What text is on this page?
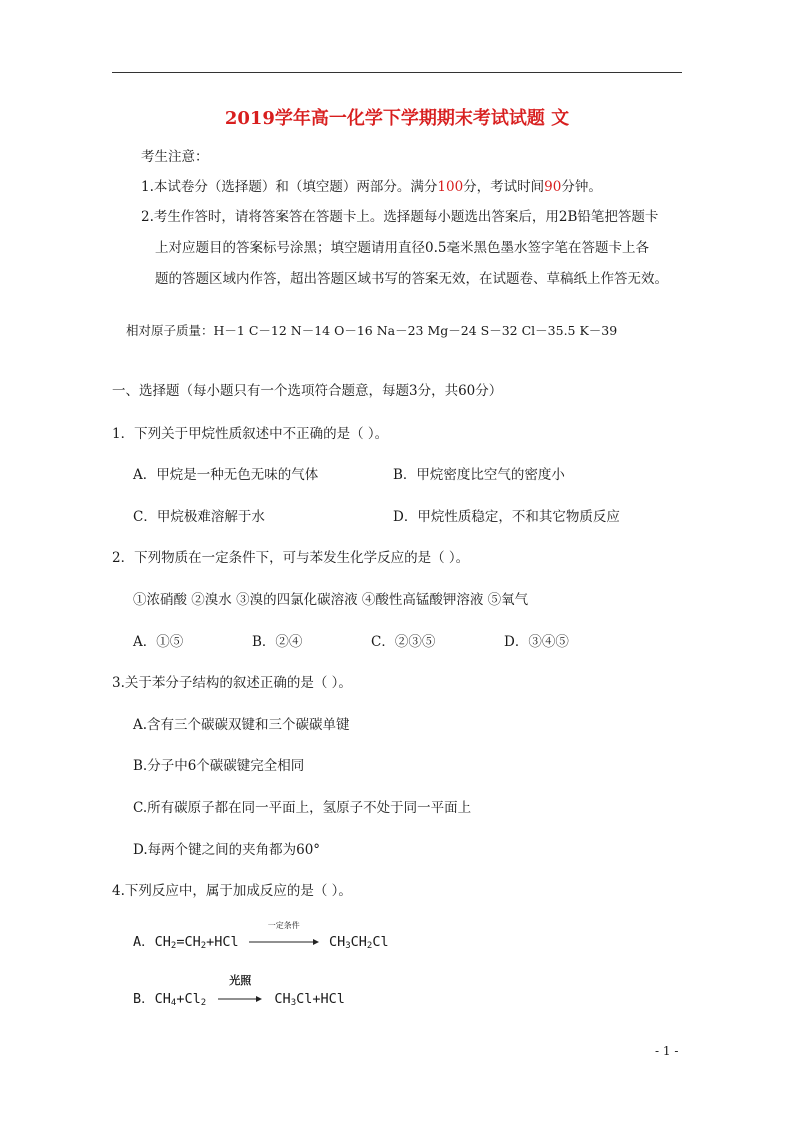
2019学年高一化学下学期期末考试试题 文
考生注意：
1.本试卷分（选择题）和（填空题）两部分。满分100分，考试时间90分钟。
2.考生作答时，请将答案答在答题卡上。选择题每小题选出答案后，用2B铅笔把答题卡
上对应题目的答案标号涂黑；填空题请用直径0.5毫米黑色墨水签字笔在答题卡上各
题的答题区域内作答，超出答题区域书写的答案无效，在试题卷、草稿纸上作答无效。
相对原子质量：H－1 C－12 N－14 O－16 Na－23 Mg－24 S－32 Cl－35.5 K－39
一、选择题（每小题只有一个选项符合题意，每题3分，共60分）
1．下列关于甲烷性质叙述中不正确的是（ ）。
A．甲烷是一种无色无味的气体	B．甲烷密度比空气的密度小
C．甲烷极难溶解于水	D．甲烷性质稳定，不和其它物质反应
2．下列物质在一定条件下，可与苯发生化学反应的是（ ）。
①浓硝酸 ②溴水 ③溴的四氯化碳溶液 ④酸性高锰酸钾溶液 ⑤氧气
A．①⑤	B．②④	C．②③⑤	D．③④⑤
3.关于苯分子结构的叙述正确的是（ ）。
A.含有三个碳碳双键和三个碳碳单键
B.分子中6个碳碳键完全相同
C.所有碳原子都在同一平面上，氢原子不处于同一平面上
D.每两个键之间的夹角都为60°
4.下列反应中，属于加成反应的是（ ）。
A．$CH_2=CH_2+HCl$
一定条件
$CH_3CH_2Cl$
B．$CH_4+Cl_2$
光照
$CH_3Cl+HCl$
- 1 -
